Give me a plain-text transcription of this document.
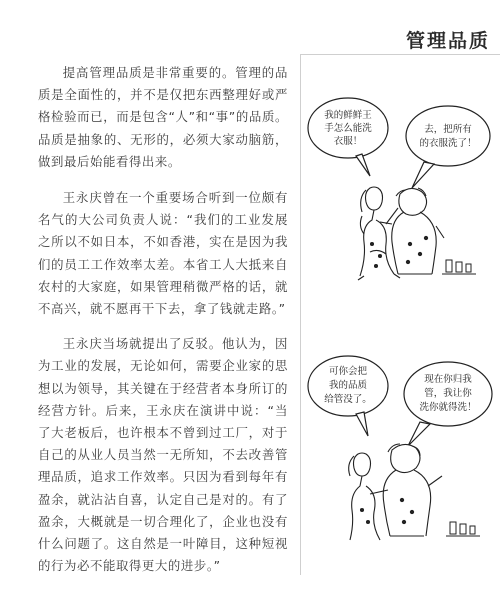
管理品质

提高管理品质是非常重要的。管理的品质是全面性的，并不是仅把东西整理好或严格检验而已，而是包含“人”和“事”的品质。品质是抽象的、无形的，必须大家动脑筋，做到最后始能看得出来。

王永庆曾在一个重要场合听到一位颇有名气的大公司负责人说：“我们的工业发展之所以不如日本，不如香港，实在是因为我们的员工工作效率太差。本省工人大抵来自农村的大家庭，如果管理稍微严格的话，就不高兴，就不愿再干下去，拿了钱就走路。”

王永庆当场就提出了反驳。他认为，因为工业的发展，无论如何，需要企业家的思想以为领导，其关键在于经营者本身所订的经营方针。后来，王永庆在演讲中说：“当了大老板后，也许根本不曾到过工厂，对于自己的从业人员当然一无所知，不去改善管理品质，追求工作效率。只因为看到每年有盈余，就沾沾自喜，认定自己是对的。有了盈余，大概就是一切合理化了，企业也没有什么问题了。这自然是一叶障目，这种短视的行为必不能取得更大的进步。”

我的鲜鲜王
手怎么能洗
衣服！
去，把所有
的衣服洗了！
可你会把
我的品质
给管没了。
现在你归我
管，我让你
洗你就得洗！
